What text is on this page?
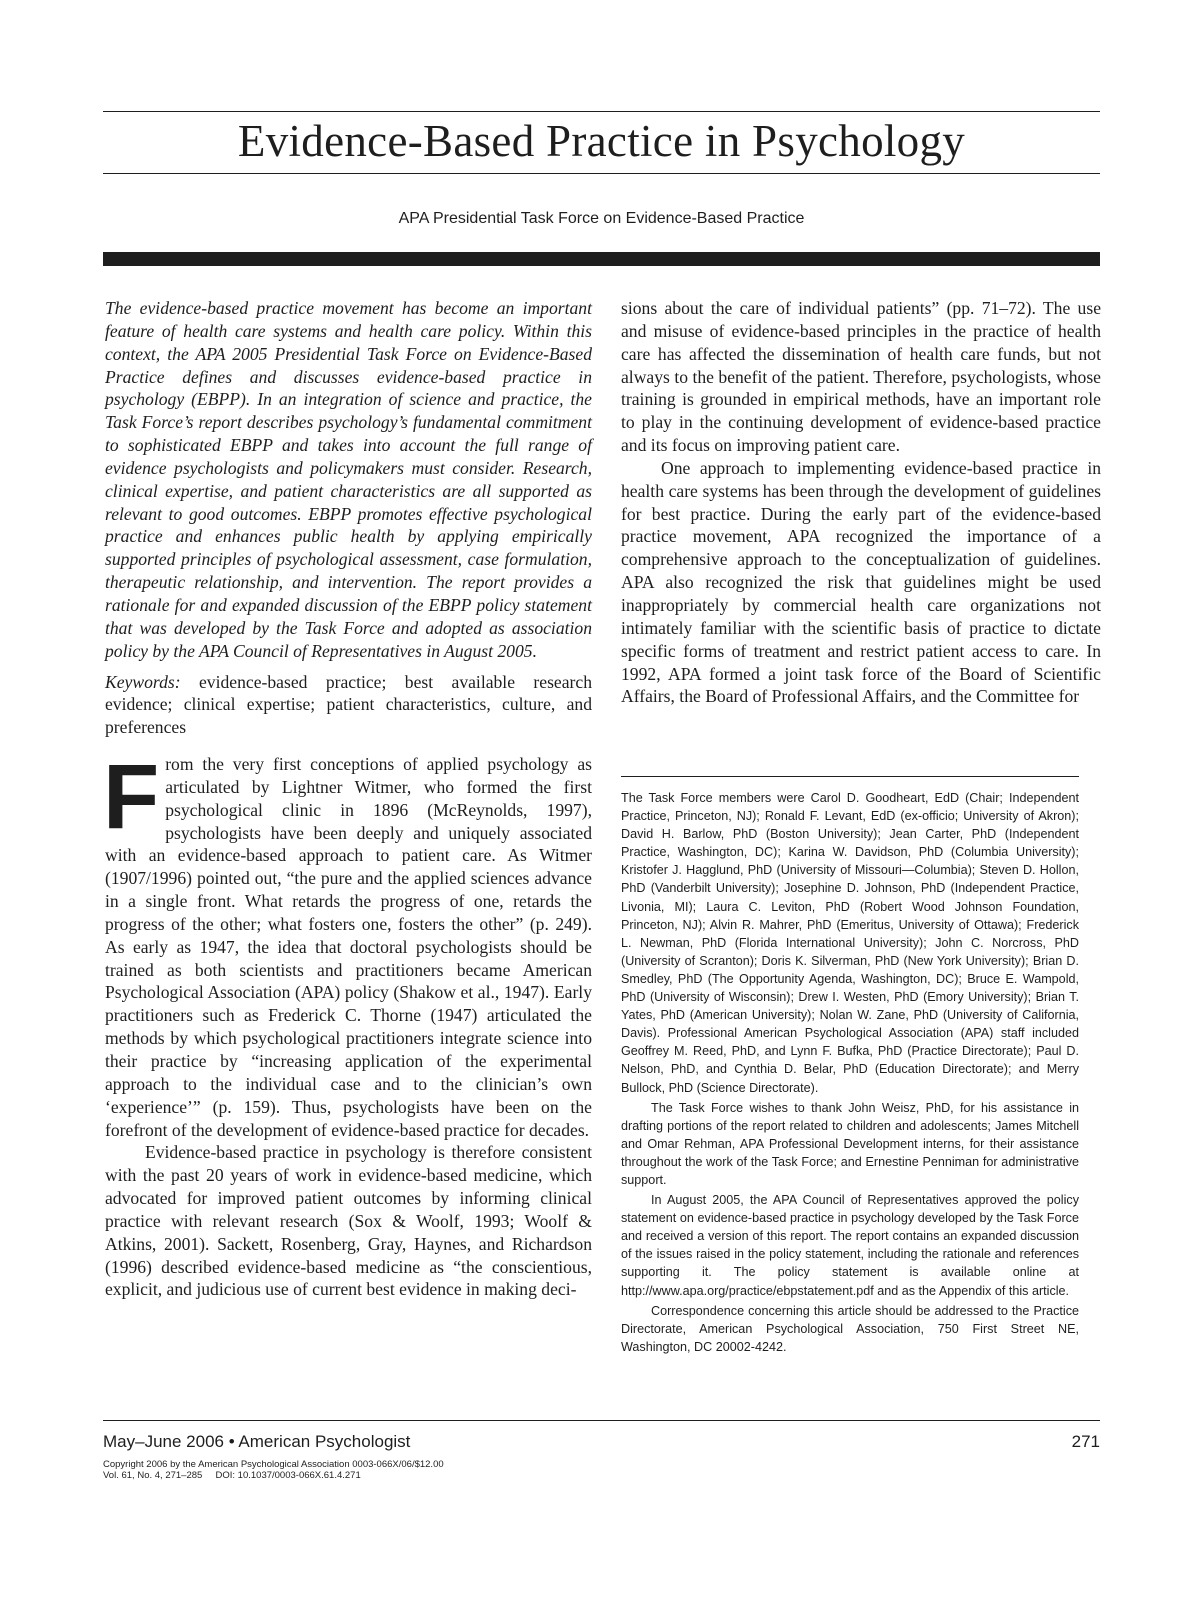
Evidence-Based Practice in Psychology

APA Presidential Task Force on Evidence-Based Practice

The evidence-based practice movement has become an important feature of health care systems and health care policy. Within this context, the APA 2005 Presidential Task Force on Evidence-Based Practice defines and discusses evidence-based practice in psychology (EBPP). In an integration of science and practice, the Task Force’s report describes psychology’s fundamental commitment to sophisticated EBPP and takes into account the full range of evidence psychologists and policymakers must consider. Research, clinical expertise, and patient characteristics are all supported as relevant to good outcomes. EBPP promotes effective psychological practice and enhances public health by applying empirically supported principles of psychological assessment, case formulation, therapeutic relationship, and intervention. The report provides a rationale for and expanded discussion of the EBPP policy statement that was developed by the Task Force and adopted as association policy by the APA Council of Representatives in August 2005.

Keywords: evidence-based practice; best available research evidence; clinical expertise; patient characteristics, culture, and preferences

From the very first conceptions of applied psychology as articulated by Lightner Witmer, who formed the first psychological clinic in 1896 (McReynolds, 1997), psychologists have been deeply and uniquely associated with an evidence-based approach to patient care. As Witmer (1907/1996) pointed out, “the pure and the applied sciences advance in a single front. What retards the progress of one, retards the progress of the other; what fosters one, fosters the other” (p. 249). As early as 1947, the idea that doctoral psychologists should be trained as both scientists and practitioners became American Psychological Association (APA) policy (Shakow et al., 1947). Early practitioners such as Frederick C. Thorne (1947) articulated the methods by which psychological practitioners integrate science into their practice by “increasing application of the experimental approach to the individual case and to the clinician’s own ‘experience’” (p. 159). Thus, psychologists have been on the forefront of the development of evidence-based practice for decades.

Evidence-based practice in psychology is therefore consistent with the past 20 years of work in evidence-based medicine, which advocated for improved patient outcomes by informing clinical practice with relevant research (Sox & Woolf, 1993; Woolf & Atkins, 2001). Sackett, Rosenberg, Gray, Haynes, and Richardson (1996) described evidence-based medicine as “the conscientious, explicit, and judicious use of current best evidence in making deci-

sions about the care of individual patients” (pp. 71–72). The use and misuse of evidence-based principles in the practice of health care has affected the dissemination of health care funds, but not always to the benefit of the patient. Therefore, psychologists, whose training is grounded in empirical methods, have an important role to play in the continuing development of evidence-based practice and its focus on improving patient care.

One approach to implementing evidence-based practice in health care systems has been through the development of guidelines for best practice. During the early part of the evidence-based practice movement, APA recognized the importance of a comprehensive approach to the conceptualization of guidelines. APA also recognized the risk that guidelines might be used inappropriately by commercial health care organizations not intimately familiar with the scientific basis of practice to dictate specific forms of treatment and restrict patient access to care. In 1992, APA formed a joint task force of the Board of Scientific Affairs, the Board of Professional Affairs, and the Committee for

The Task Force members were Carol D. Goodheart, EdD (Chair; Independent Practice, Princeton, NJ); Ronald F. Levant, EdD (ex-officio; University of Akron); David H. Barlow, PhD (Boston University); Jean Carter, PhD (Independent Practice, Washington, DC); Karina W. Davidson, PhD (Columbia University); Kristofer J. Hagglund, PhD (University of Missouri—Columbia); Steven D. Hollon, PhD (Vanderbilt University); Josephine D. Johnson, PhD (Independent Practice, Livonia, MI); Laura C. Leviton, PhD (Robert Wood Johnson Foundation, Princeton, NJ); Alvin R. Mahrer, PhD (Emeritus, University of Ottawa); Frederick L. Newman, PhD (Florida International University); John C. Norcross, PhD (University of Scranton); Doris K. Silverman, PhD (New York University); Brian D. Smedley, PhD (The Opportunity Agenda, Washington, DC); Bruce E. Wampold, PhD (University of Wisconsin); Drew I. Westen, PhD (Emory University); Brian T. Yates, PhD (American University); Nolan W. Zane, PhD (University of California, Davis). Professional American Psychological Association (APA) staff included Geoffrey M. Reed, PhD, and Lynn F. Bufka, PhD (Practice Directorate); Paul D. Nelson, PhD, and Cynthia D. Belar, PhD (Education Directorate); and Merry Bullock, PhD (Science Directorate).

The Task Force wishes to thank John Weisz, PhD, for his assistance in drafting portions of the report related to children and adolescents; James Mitchell and Omar Rehman, APA Professional Development interns, for their assistance throughout the work of the Task Force; and Ernestine Penniman for administrative support.

In August 2005, the APA Council of Representatives approved the policy statement on evidence-based practice in psychology developed by the Task Force and received a version of this report. The report contains an expanded discussion of the issues raised in the policy statement, including the rationale and references supporting it. The policy statement is available online at http://www.apa.org/practice/ebpstatement.pdf and as the Appendix of this article.

Correspondence concerning this article should be addressed to the Practice Directorate, American Psychological Association, 750 First Street NE, Washington, DC 20002-4242.

May–June 2006 • American Psychologist	271
Copyright 2006 by the American Psychological Association 0003-066X/06/$12.00
Vol. 61, No. 4, 271–285     DOI: 10.1037/0003-066X.61.4.271
